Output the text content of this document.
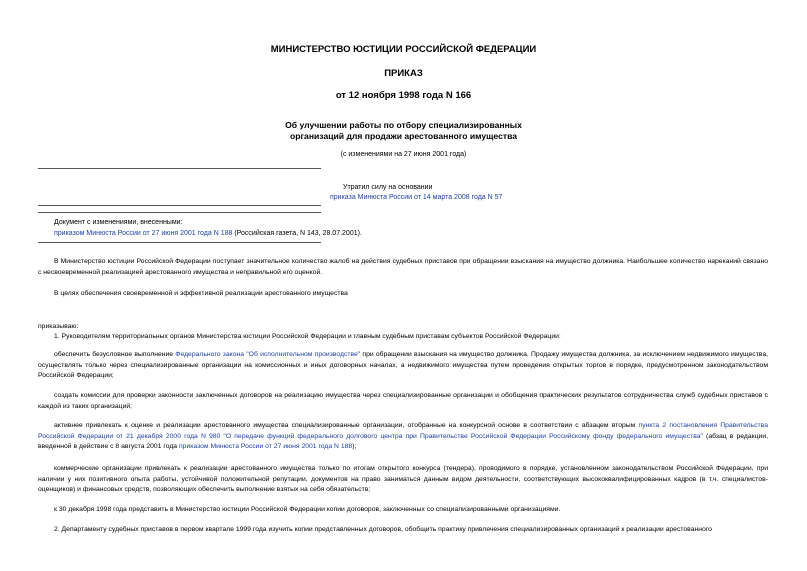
МИНИСТЕРСТВО ЮСТИЦИИ РОССИЙСКОЙ ФЕДЕРАЦИИ
ПРИКАЗ
от 12 ноября 1998 года N 166
Об улучшении работы по отбору специализированных
организаций для продажи арестованного имущества
(с изменениями на 27 июня 2001 года)
Утратил силу на основании
приказа Минюста России от 14 марта 2008 года N 57
Документ с изменениями, внесенными:
приказом Минюста России от 27 июня 2001 года N 188 (Российская газета, N 143, 28.07.2001).
В Министерство юстиции Российской Федерации поступает значительное количество жалоб на действия судебных приставов при обращении взыскания на имущество должника. Наибольшее количество нареканий связано с несвоевременной реализацией арестованного имущества и неправильной его оценкой.
В целях обеспечения своевременной и эффективной реализации арестованного имущества
приказываю:
1. Руководителям территориальных органов Министерства юстиции Российской Федерации и главным судебным приставам субъектов Российской Федерации:
обеспечить безусловное выполнение Федерального закона "Об исполнительном производстве" при обращении взыскания на имущество должника. Продажу имущества должника, за исключением недвижимого имущества, осуществлять только через специализированные организации на комиссионных и иных договорных началах, а недвижимого имущества путем проведения открытых торгов в порядке, предусмотренном законодательством Российской Федерации;
создать комиссии для проверки законности заключенных договоров на реализацию имущества через специализированные организации и обобщения практических результатов сотрудничества служб судебных приставов с каждой из таких организаций;
активнее привлекать к оценке и реализации арестованного имущества специализированные организации, отобранные на конкурсной основе в соответствии с абзацем вторым пункта 2 постановления Правительства Российской Федерации от 21 декабря 2000 года N 980 "О передаче функций федерального долгового центра при Правительстве Российской Федерации Российскому фонду федерального имущества" (абзац в редакции, введенной в действие с 8 августа 2001 года приказом Минюста России от 27 июня 2001 года N 188);
коммерческие организации привлекать к реализации арестованного имущества только по итогам открытого конкурса (тендера), проводимого в порядке, установленном законодательством Российской Федерации, при наличии у них позитивного опыта работы, устойчивой положительной репутации, документов на право заниматься данным видом деятельности, соответствующих высококвалифицированных кадров (в т.ч. специалистов-оценщиков) и финансовых средств, позволяющих обеспечить выполнение взятых на себя обязательств;
к 30 декабря 1998 года представить в Министерство юстиции Российской Федерации копии договоров, заключенных со специализированными организациями.
2. Департаменту судебных приставов в первом квартале 1999 года изучить копии представленных договоров, обобщить практику привлечения специализированных организаций к реализации арестованного
